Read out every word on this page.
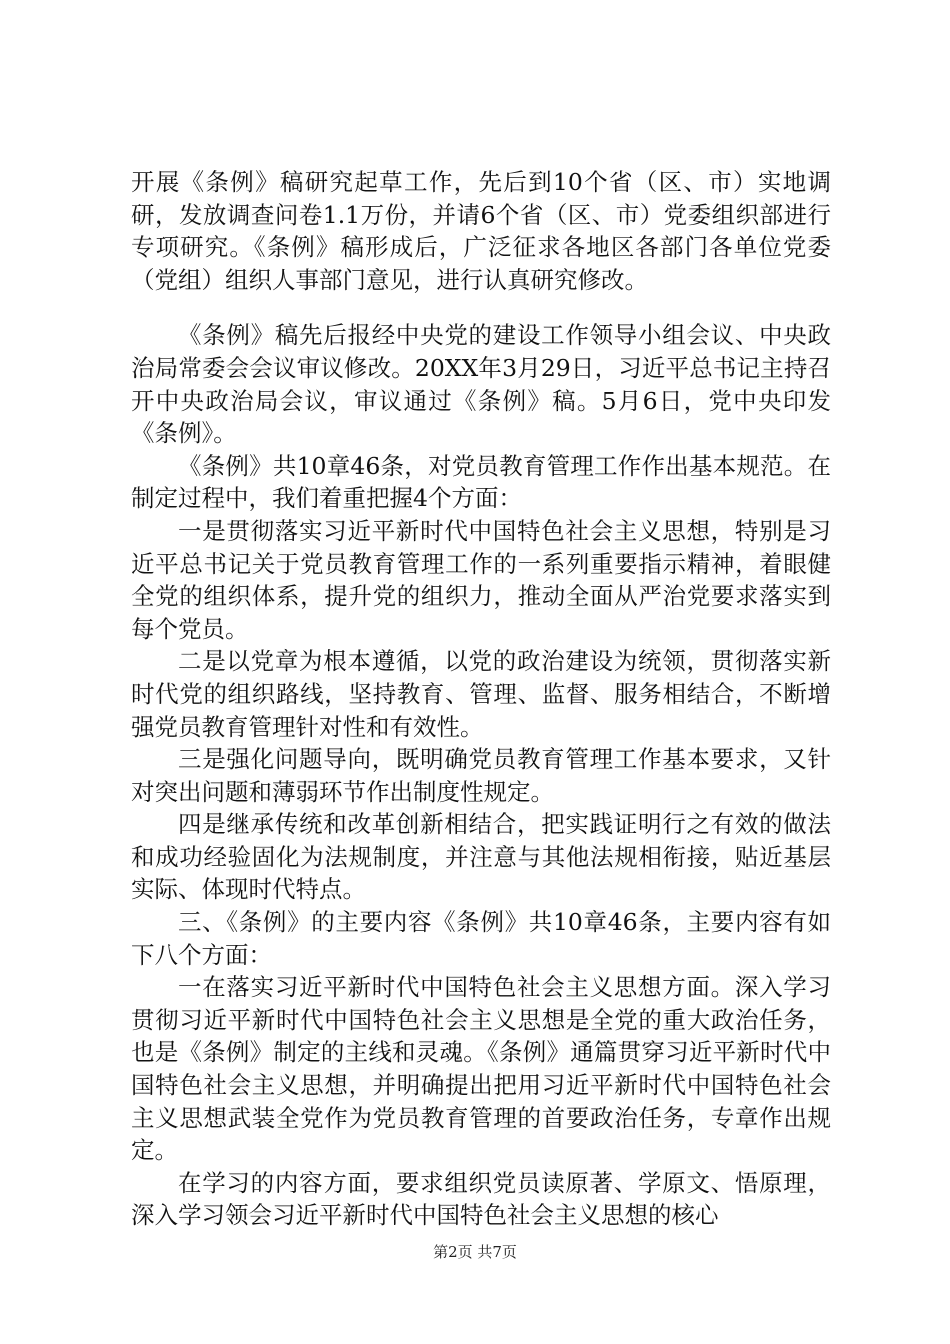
开展《条例》稿研究起草工作，先后到10个省（区、市）实地调研，发放调查问卷1.1万份，并请6个省（区、市）党委组织部进行专项研究。《条例》稿形成后，广泛征求各地区各部门各单位党委（党组）组织人事部门意见，进行认真研究修改。

《条例》稿先后报经中央党的建设工作领导小组会议、中央政治局常委会会议审议修改。20XX年3月29日，习近平总书记主持召开中央政治局会议，审议通过《条例》稿。5月6日，党中央印发《条例》。

《条例》共10章46条，对党员教育管理工作作出基本规范。在制定过程中，我们着重把握4个方面：

一是贯彻落实习近平新时代中国特色社会主义思想，特别是习近平总书记关于党员教育管理工作的一系列重要指示精神，着眼健全党的组织体系，提升党的组织力，推动全面从严治党要求落实到每个党员。

二是以党章为根本遵循，以党的政治建设为统领，贯彻落实新时代党的组织路线，坚持教育、管理、监督、服务相结合，不断增强党员教育管理针对性和有效性。

三是强化问题导向，既明确党员教育管理工作基本要求，又针对突出问题和薄弱环节作出制度性规定。

四是继承传统和改革创新相结合，把实践证明行之有效的做法和成功经验固化为法规制度，并注意与其他法规相衔接，贴近基层实际、体现时代特点。

三、《条例》的主要内容《条例》共10章46条，主要内容有如下八个方面：

一在落实习近平新时代中国特色社会主义思想方面。深入学习贯彻习近平新时代中国特色社会主义思想是全党的重大政治任务，也是《条例》制定的主线和灵魂。《条例》通篇贯穿习近平新时代中国特色社会主义思想，并明确提出把用习近平新时代中国特色社会主义思想武装全党作为党员教育管理的首要政治任务，专章作出规定。

在学习的内容方面，要求组织党员读原著、学原文、悟原理，深入学习领会习近平新时代中国特色社会主义思想的核心

第2页 共7页
